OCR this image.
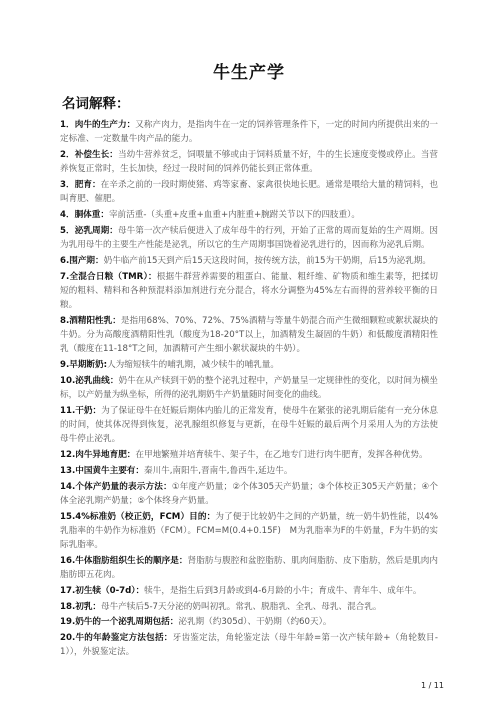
牛生产学
名词解释：

1．肉牛的生产力：又称产肉力，是指肉牛在一定的饲养管理条件下，一定的时间内所提供出来的一定标准、一定数量牛肉产品的能力。

2．补偿生长：当幼牛营养贫乏，饲喂量不够或由于饲料质量不好，牛的生长速度变慢或停止。当营养恢复正常时，生长加快，经过一段时间的饲养仍能长到正常体重。

3．肥育：在辛杀之前的一段时期使猪、鸡等家畜、家禽很快地长肥。通常是喂给大量的精饲料，也叫育肥、催肥。

4．胴体重：宰前活重-（头重+皮重+血重+内脏重+腕跗关节以下的四肢重）。

5．泌乳周期：母牛第一次产犊后便进入了成年母牛的行列，开始了正常的周而复始的生产周期。因为乳用母牛的主要生产性能是泌乳，所以它的生产周期事国饶着泌乳进行的，因而称为泌乳后期。

6.围产期：奶牛临产前15天到产后15天这段时间，按传统方法，前15为干奶期，后15为泌乳期。

7.全混合日粮（TMR）：根据牛群营养需要的粗蛋白、能量、粗纤维、矿物质和维生素等，把揉切短的粗料、精料和各种预混料添加剂进行充分混合，将水分调整为45%左右而得的营养较平衡的日粮。

8.酒精阳性乳：是指用68%、70%、72%、75%酒精与等量牛奶混合而产生微细颗粒或絮状凝块的牛奶。分为高酸度酒精阳性乳（酸度为18-20°T以上，加酒精发生凝固的牛奶）和低酸度酒精阳性乳（酸度在11-18°T之间，加酒精可产生细小絮状凝块的牛奶）。

9.早期断奶:人为缩短犊牛的哺乳期，减少犊牛的哺乳量。

10.泌乳曲线：奶牛在从产犊到干奶的整个泌乳过程中，产奶量呈一定规律性的变化，以时间为横坐标，以产奶量为纵坐标，所得的泌乳期奶牛产奶量随时间变化的曲线。

11.干奶：为了保证母牛在妊娠后期体内胎儿的正常发育，使母牛在紧张的泌乳期后能有一充分休息的时间，使其体况得到恢复，泌乳腺组织修复与更新，在母牛妊娠的最后两个月采用人为的方法使母牛停止泌乳。

12.肉牛异地育肥：在甲地繁殖并培育犊牛、架子牛，在乙地专门进行肉牛肥育，发挥各种优势。

13.中国黄牛主要有：秦川牛,南阳牛,晋南牛,鲁西牛,延边牛。

14.个体产奶量的表示方法：①年度产奶量；②个体305天产奶量；③个体校正305天产奶量；④个体全泌乳期产奶量；⑤个体终身产奶量。

15.4%标准奶（校正奶，FCM）目的：为了便于比较奶牛之间的产奶量，统一奶牛奶性能，以4%乳脂率的牛奶作为标准奶（FCM）。FCM=M(0.4+0.15F)　M为乳脂率为F的牛奶量，F为牛奶的实际乳脂率。

16.牛体脂肪组织生长的顺序是：肾脂肪与腹腔和盆腔脂肪、肌肉间脂肪、皮下脂肪，然后是肌肉内脂肪即五花肉。

17.初生犊（0-7d）：犊牛，是指生后到3月龄或到4-6月龄的小牛；育成牛、青年牛、成年牛。

18.初乳：母牛产犊后5-7天分泌的奶叫初乳。常乳、脱脂乳、全乳、母乳、混合乳。

19.奶牛的一个泌乳周期包括：泌乳期（约305d）、干奶期（约60天）。

20.牛的年龄鉴定方法包括：牙齿鉴定法，角轮鉴定法（母牛年龄=第一次产犊年龄+（角轮数目-1）），外貌鉴定法。

1 / 11
